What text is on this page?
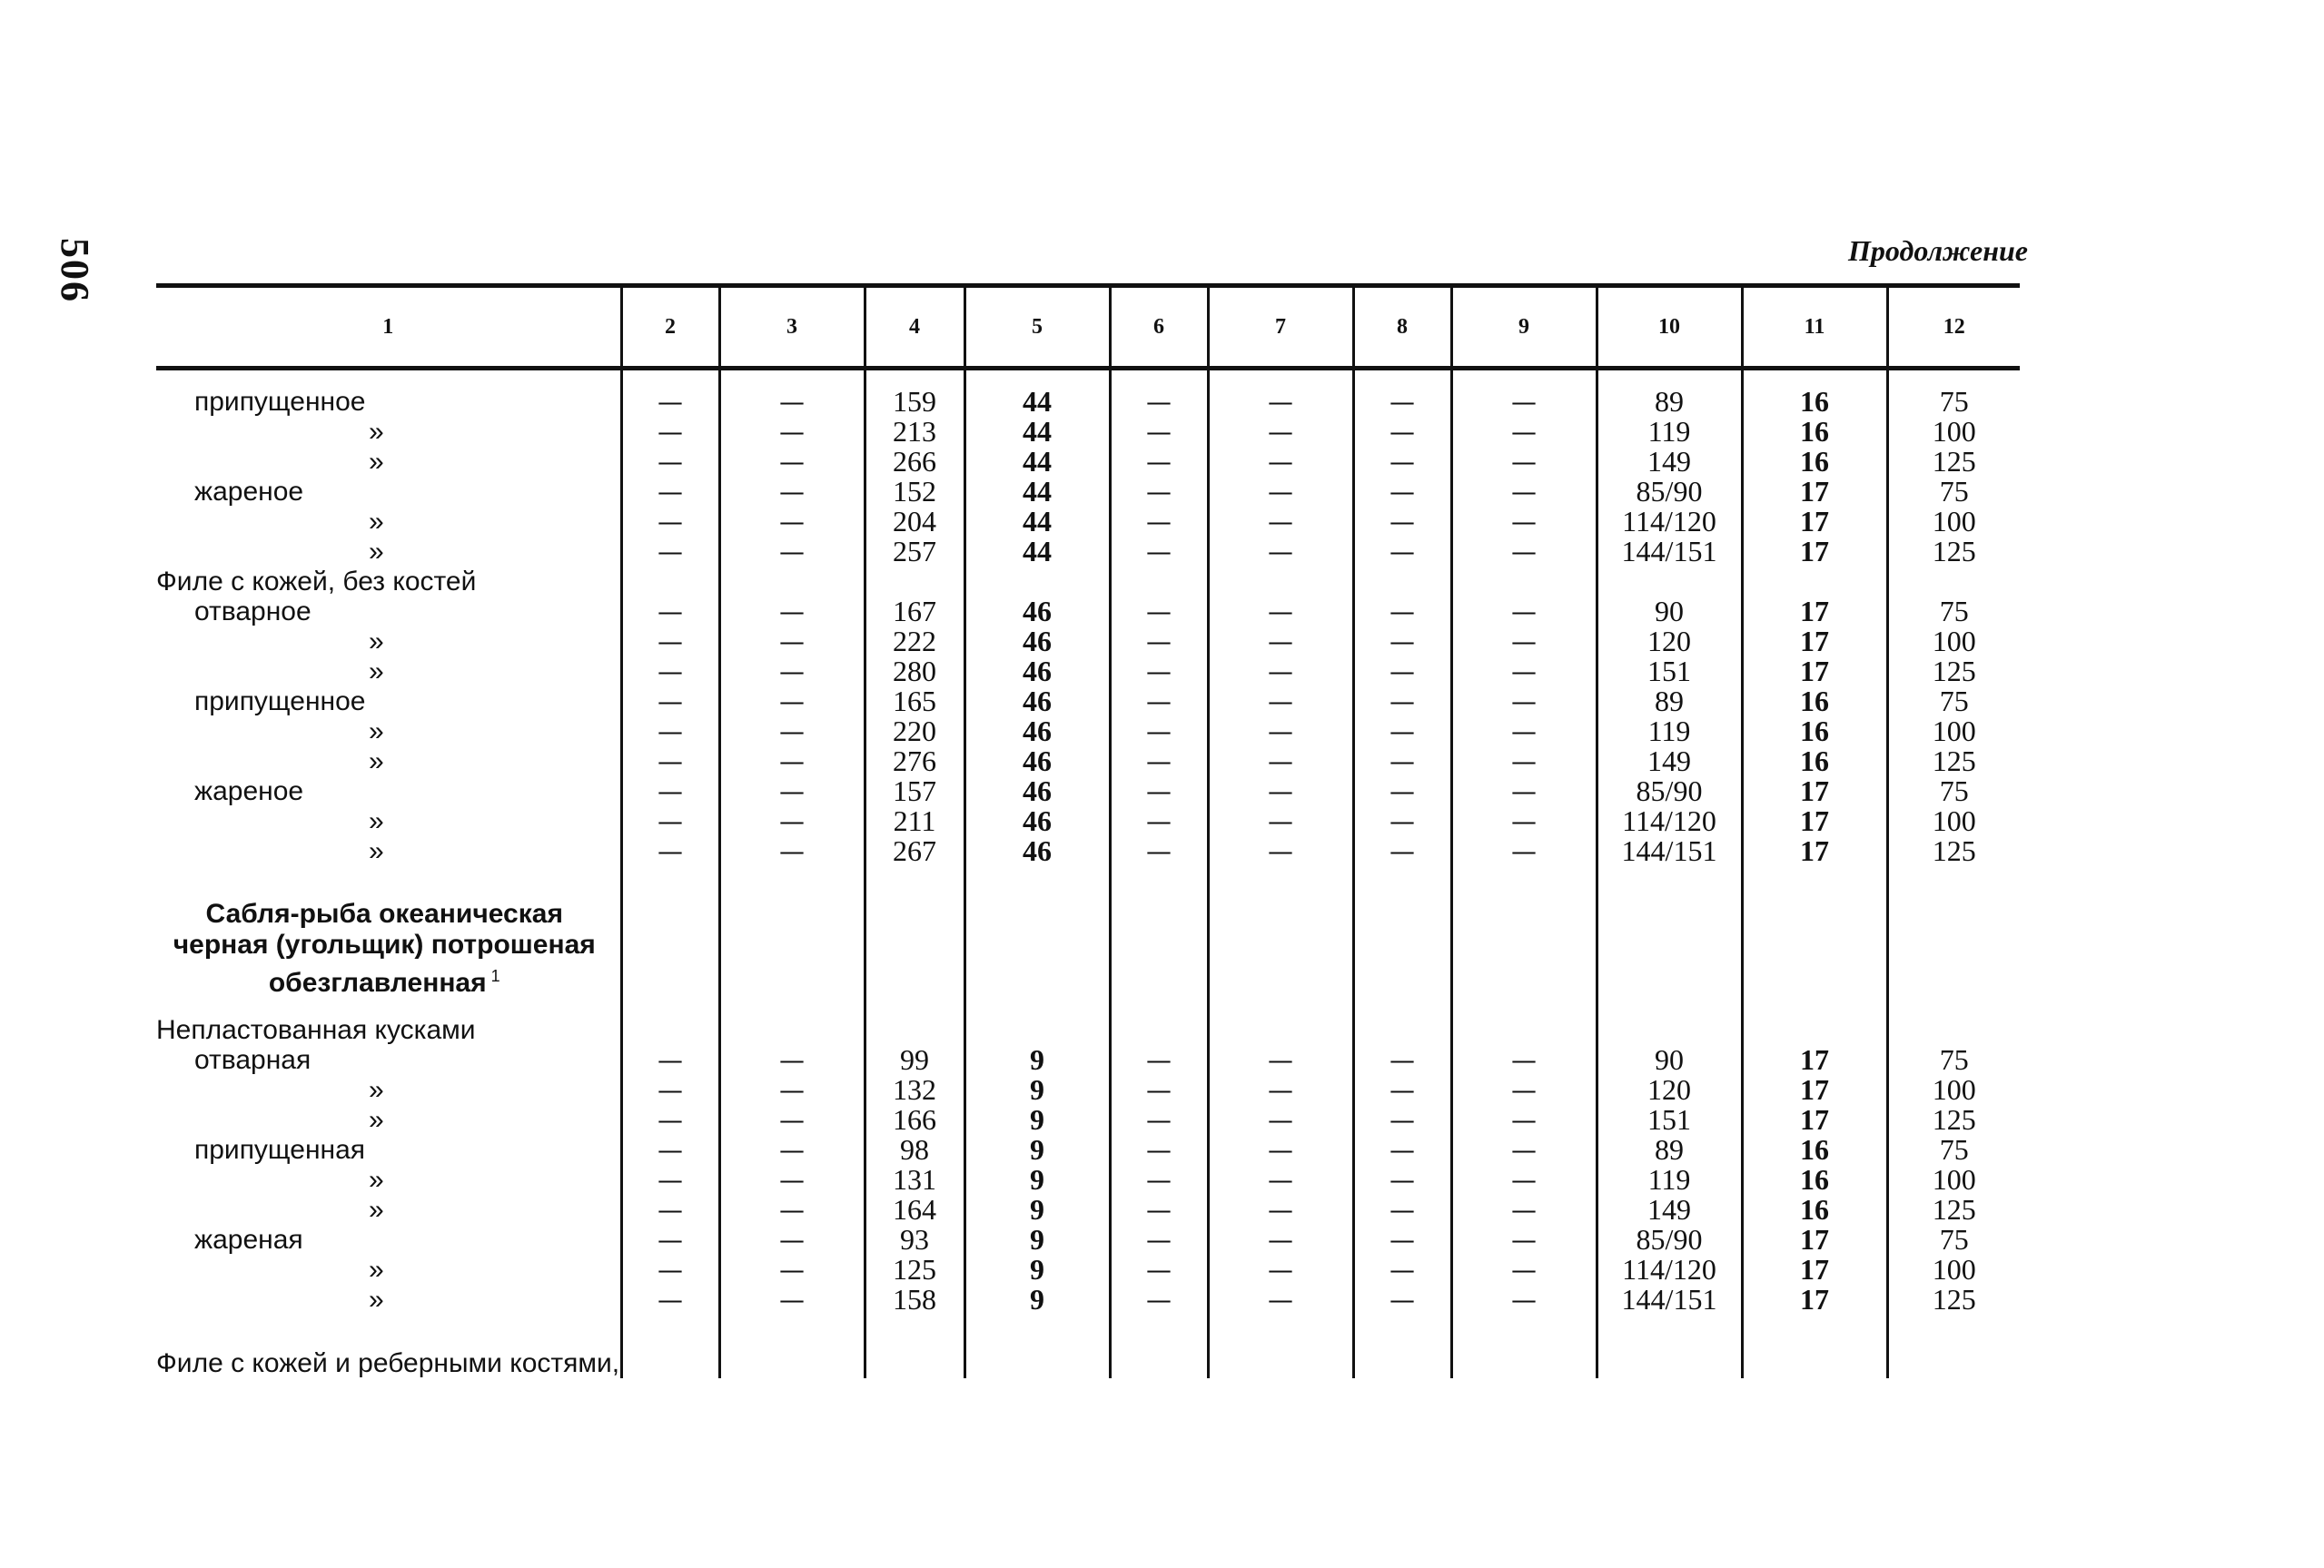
506	Продолжение
1	2	3	4	5	6	7	8	9	10	11	12

припущенное	—	—	159	44	—	—	—	—	89	16	75
»	—	—	213	44	—	—	—	—	119	16	100
»	—	—	266	44	—	—	—	—	149	16	125
жареное	—	—	152	44	—	—	—	—	85/90	17	75
»	—	—	204	44	—	—	—	—	114/120	17	100
»	—	—	257	44	—	—	—	—	144/151	17	125
Филе с кожей, без костей											
отварное	—	—	167	46	—	—	—	—	90	17	75
»	—	—	222	46	—	—	—	—	120	17	100
»	—	—	280	46	—	—	—	—	151	17	125
припущенное	—	—	165	46	—	—	—	—	89	16	75
»	—	—	220	46	—	—	—	—	119	16	100
»	—	—	276	46	—	—	—	—	149	16	125
жареное	—	—	157	46	—	—	—	—	85/90	17	75
»	—	—	211	46	—	—	—	—	114/120	17	100
»	—	—	267	46	—	—	—	—	144/151	17	125

Сабля-рыба океаническая черная (угольщик) потрошеная обезглавленная $^1$											
Непластованная кусками											
отварная	—	—	99	9	—	—	—	—	90	17	75
»	—	—	132	9	—	—	—	—	120	17	100
»	—	—	166	9	—	—	—	—	151	17	125
припущенная	—	—	98	9	—	—	—	—	89	16	75
»	—	—	131	9	—	—	—	—	119	16	100
»	—	—	164	9	—	—	—	—	149	16	125
жареная	—	—	93	9	—	—	—	—	85/90	17	75
»	—	—	125	9	—	—	—	—	114/120	17	100
»	—	—	158	9	—	—	—	—	144/151	17	125
Филе с кожей и реберными костями,											
